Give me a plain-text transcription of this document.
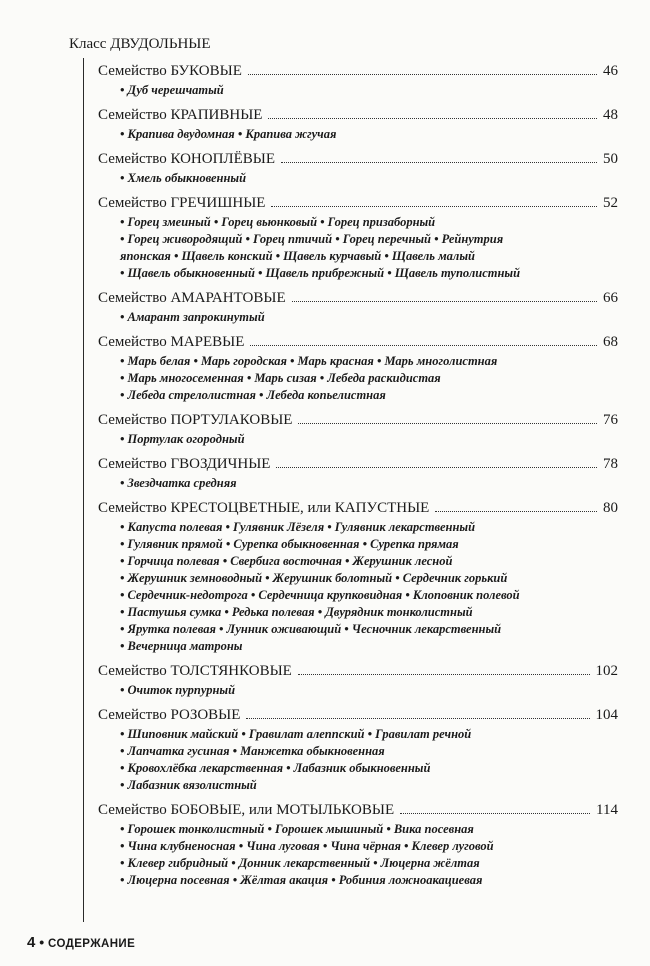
Класс ДВУДОЛЬНЫЕ
Семейство БУКОВЫЕ	46
• Дуб черешчатый
Семейство КРАПИВНЫЕ	48
• Крапива двудомная • Крапива жгучая
Семейство КОНОПЛЁВЫЕ	50
• Хмель обыкновенный
Семейство ГРЕЧИШНЫЕ	52
• Горец змеиный • Горец вьюнковый • Горец призаборный
• Горец живородящий • Горец птичий • Горец перечный • Рейнутрия
японская • Щавель конский • Щавель курчавый • Щавель малый
• Щавель обыкновенный • Щавель прибрежный • Щавель туполистный
Семейство АМАРАНТОВЫЕ	66
• Амарант запрокинутый
Семейство МАРЕВЫЕ	68
• Марь белая • Марь городская • Марь красная • Марь многолистная
• Марь многосеменная • Марь сизая • Лебеда раскидистая
• Лебеда стрелолистная • Лебеда копьелистная
Семейство ПОРТУЛАКОВЫЕ	76
• Портулак огородный
Семейство ГВОЗДИЧНЫЕ	78
• Звездчатка средняя
Семейство КРЕСТОЦВЕТНЫЕ, или КАПУСТНЫЕ	80
• Капуста полевая • Гулявник Лёзеля • Гулявник лекарственный
• Гулявник прямой • Сурепка обыкновенная • Сурепка прямая
• Горчица полевая • Свербига восточная • Жерушник лесной
• Жерушник земноводный • Жерушник болотный • Сердечник горький
• Сердечник-недотрога • Сердечница крупковидная • Клоповник полевой
• Пастушья сумка • Редька полевая • Двурядник тонколистный
• Ярутка полевая • Лунник оживающий • Чесночник лекарственный
• Вечерница матроны
Семейство ТОЛСТЯНКОВЫЕ	102
• Очиток пурпурный
Семейство РОЗОВЫЕ	104
• Шиповник майский • Гравилат алеппский • Гравилат речной
• Лапчатка гусиная • Манжетка обыкновенная
• Кровохлёбка лекарственная • Лабазник обыкновенный
• Лабазник вязолистный
Семейство БОБОВЫЕ, или МОТЫЛЬКОВЫЕ	114
• Горошек тонколистный • Горошек мышиный • Вика посевная
• Чина клубненосная • Чина луговая • Чина чёрная • Клевер луговой
• Клевер гибридный • Донник лекарственный • Люцерна жёлтая
• Люцерна посевная • Жёлтая акация • Робиния ложноакациевая
4 • СОДЕРЖАНИЕ
